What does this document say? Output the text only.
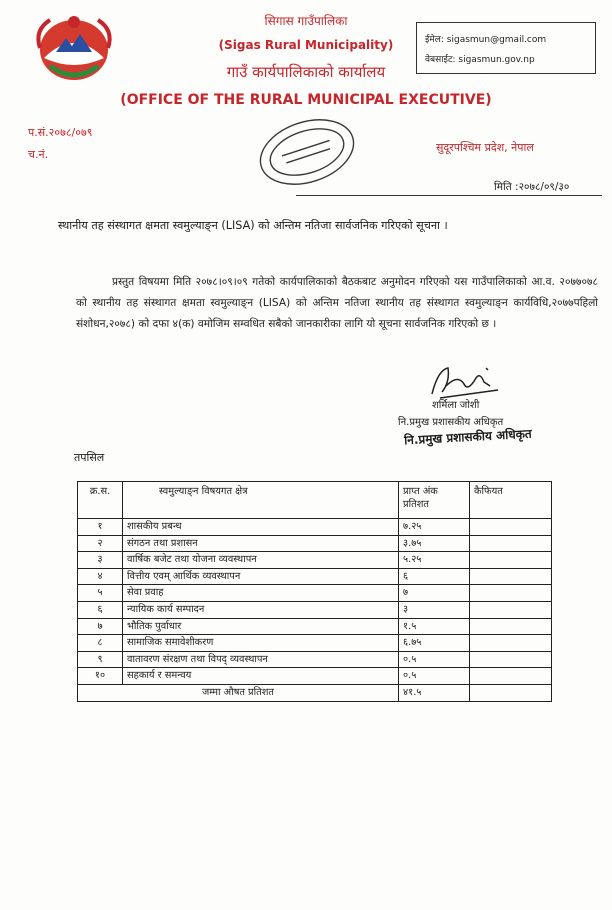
सिगास गाउँपालिका
(Sigas Rural Municipality)
गाउँ कार्यपालिकाको कार्यालय
(OFFICE OF THE RURAL MUNICIPAL EXECUTIVE)
ईमेल: sigasmun@gmail.com
वेबसाईट: sigasmun.gov.np
प.सं.२०७८/०७९
च.नं.
सुदूरपश्चिम प्रदेश, नेपाल
मिति :२०७८/०९/३०
स्थानीय तह संस्थागत क्षमता स्वमुल्याङ्न (LISA) को अन्तिम नतिजा सार्वजनिक गरिएको सूचना ।
प्रस्तुत विषयमा मिति २०७८।०९।०९ गतेको कार्यपालिकाको बैठकबाट अनुमोदन गरिएको यस गाउँपालिकाको आ.व. २०७७०७८ को स्थानीय तह संस्थागत क्षमता स्वमुल्याङ्न (LISA) को अन्तिम नतिजा स्थानीय तह संस्थागत स्वमुल्याङ्न कार्यविधि,२०७७पहिलो संशोधन,२०७८) को दफा ४(क) वमोजिम सम्वधित सबैको जानकारीका लागि यो सूचना सार्वजनिक गरिएको छ ।
शर्मिला जोशी
नि.प्रमुख प्रशासकीय अधिकृत
नि.प्रमुख प्रशासकीय अधिकृत
तपसिल
क्र.स.	स्वमुल्याङ्न विषयगत क्षेत्र	प्राप्त अंक प्रतिशत	कैफियत
१	शासकीय प्रबन्ध	७.२५	
२	संगठन तथा प्रशासन	३.७५	
३	वार्षिक बजेट तथा योजना व्यवस्थापन	५.२५	
४	वित्तीय एवम् आर्थिक व्यवस्थापन	६	
५	सेवा प्रवाह	७	
६	न्यायिक कार्य सम्पादन	३	
७	भौतिक पुर्वाधार	१.५	
८	सामाजिक समावेशीकरण	६.७५	
९	वातावरण संरक्षण तथा विपद् व्यवस्थापन	०.५	
१०	सहकार्य र समन्वय	०.५	
जम्मा औषत प्रतिशत		४१.५	
